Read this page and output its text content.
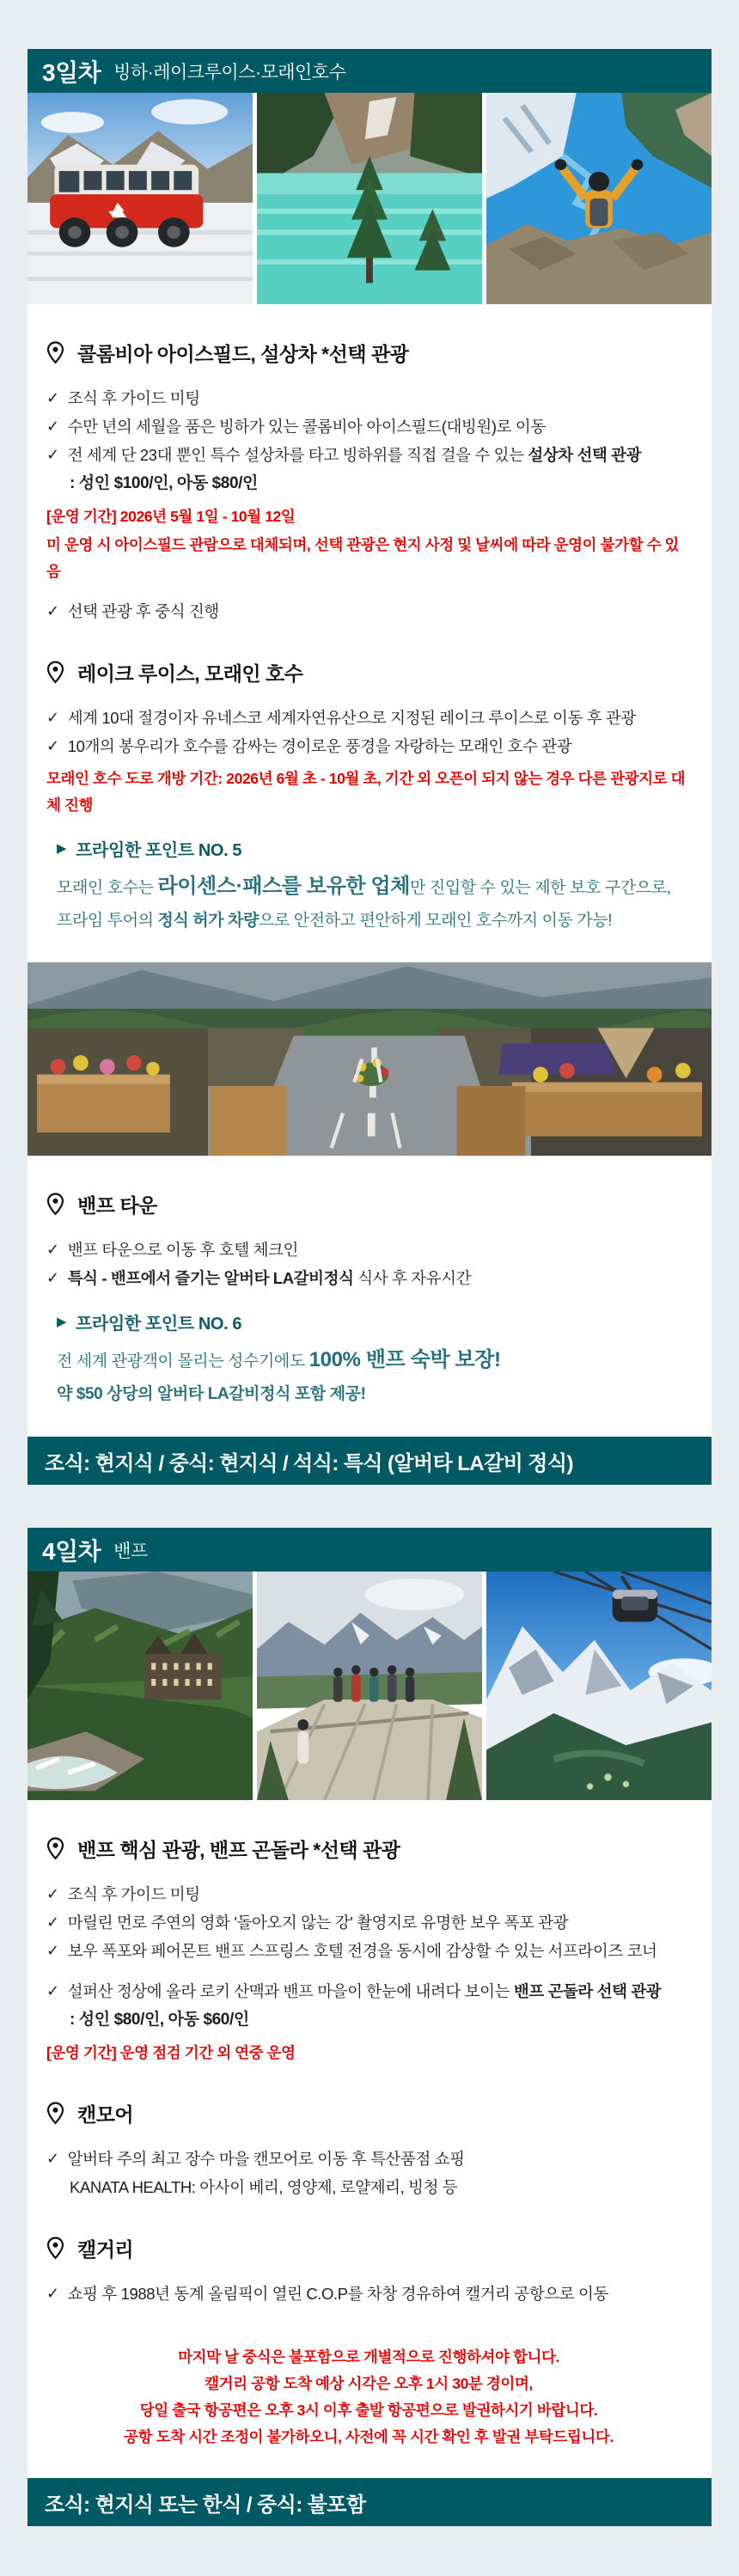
3일차 빙하·레이크루이스·모래인호수
콜롬비아 아이스필드, 설상차 *선택 관광
✓ 조식 후 가이드 미팅
✓ 수만 년의 세월을 품은 빙하가 있는 콜롬비아 아이스필드(대빙원)로 이동
✓ 전 세계 단 23대 뿐인 특수 설상차를 타고 빙하위를 직접 걸을 수 있는 설상차 선택 관광
: 성인 $100/인, 아동 $80/인
[운영 기간] 2026년 5월 1일 - 10월 12일
미 운영 시 아이스필드 관람으로 대체되며, 선택 관광은 현지 사정 및 날씨에 따라 운영이 불가할 수 있음
✓ 선택 관광 후 중식 진행
레이크 루이스, 모래인 호수
✓ 세계 10대 절경이자 유네스코 세계자연유산으로 지정된 레이크 루이스로 이동 후 관광
✓ 10개의 봉우리가 호수를 감싸는 경이로운 풍경을 자랑하는 모래인 호수 관광
모래인 호수 도로 개방 기간: 2026년 6월 초 - 10월 초, 기간 외 오픈이 되지 않는 경우 다른 관광지로 대체 진행
▶ 프라임한 포인트 NO. 5
모래인 호수는 라이센스·패스를 보유한 업체만 진입할 수 있는 제한 보호 구간으로,
프라임 투어의 정식 허가 차량으로 안전하고 편안하게 모래인 호수까지 이동 가능!
밴프 타운
✓ 밴프 타운으로 이동 후 호텔 체크인
✓ 특식 - 밴프에서 즐기는 알버타 LA갈비정식 식사 후 자유시간
▶ 프라임한 포인트 NO. 6
전 세계 관광객이 몰리는 성수기에도 100% 밴프 숙박 보장!
약 $50 상당의 알버타 LA갈비정식 포함 제공!
조식: 현지식 / 중식: 현지식 / 석식: 특식 (알버타 LA갈비 정식)
4일차 밴프
밴프 핵심 관광, 밴프 곤돌라 *선택 관광
✓ 조식 후 가이드 미팅
✓ 마릴린 먼로 주연의 영화 '돌아오지 않는 강' 촬영지로 유명한 보우 폭포 관광
✓ 보우 폭포와 페어몬트 밴프 스프링스 호텔 전경을 동시에 감상할 수 있는 서프라이즈 코너
✓ 설퍼산 정상에 올라 로키 산맥과 밴프 마을이 한눈에 내려다 보이는 밴프 곤돌라 선택 관광
: 성인 $80/인, 아동 $60/인
[운영 기간] 운영 점검 기간 외 연중 운영
캔모어
✓ 알버타 주의 최고 장수 마을 캔모어로 이동 후 특산품점 쇼핑
KANATA HEALTH: 아사이 베리, 영양제, 로얄제리, 빙청 등
캘거리
✓ 쇼핑 후 1988년 동계 올림픽이 열린 C.O.P를 차창 경유하여 캘거리 공항으로 이동
마지막 날 중식은 불포함으로 개별적으로 진행하셔야 합니다.
캘거리 공항 도착 예상 시각은 오후 1시 30분 경이며,
당일 출국 항공편은 오후 3시 이후 출발 항공편으로 발권하시기 바랍니다.
공항 도착 시간 조정이 불가하오니, 사전에 꼭 시간 확인 후 발권 부탁드립니다.
조식: 현지식 또는 한식 / 중식: 불포함
